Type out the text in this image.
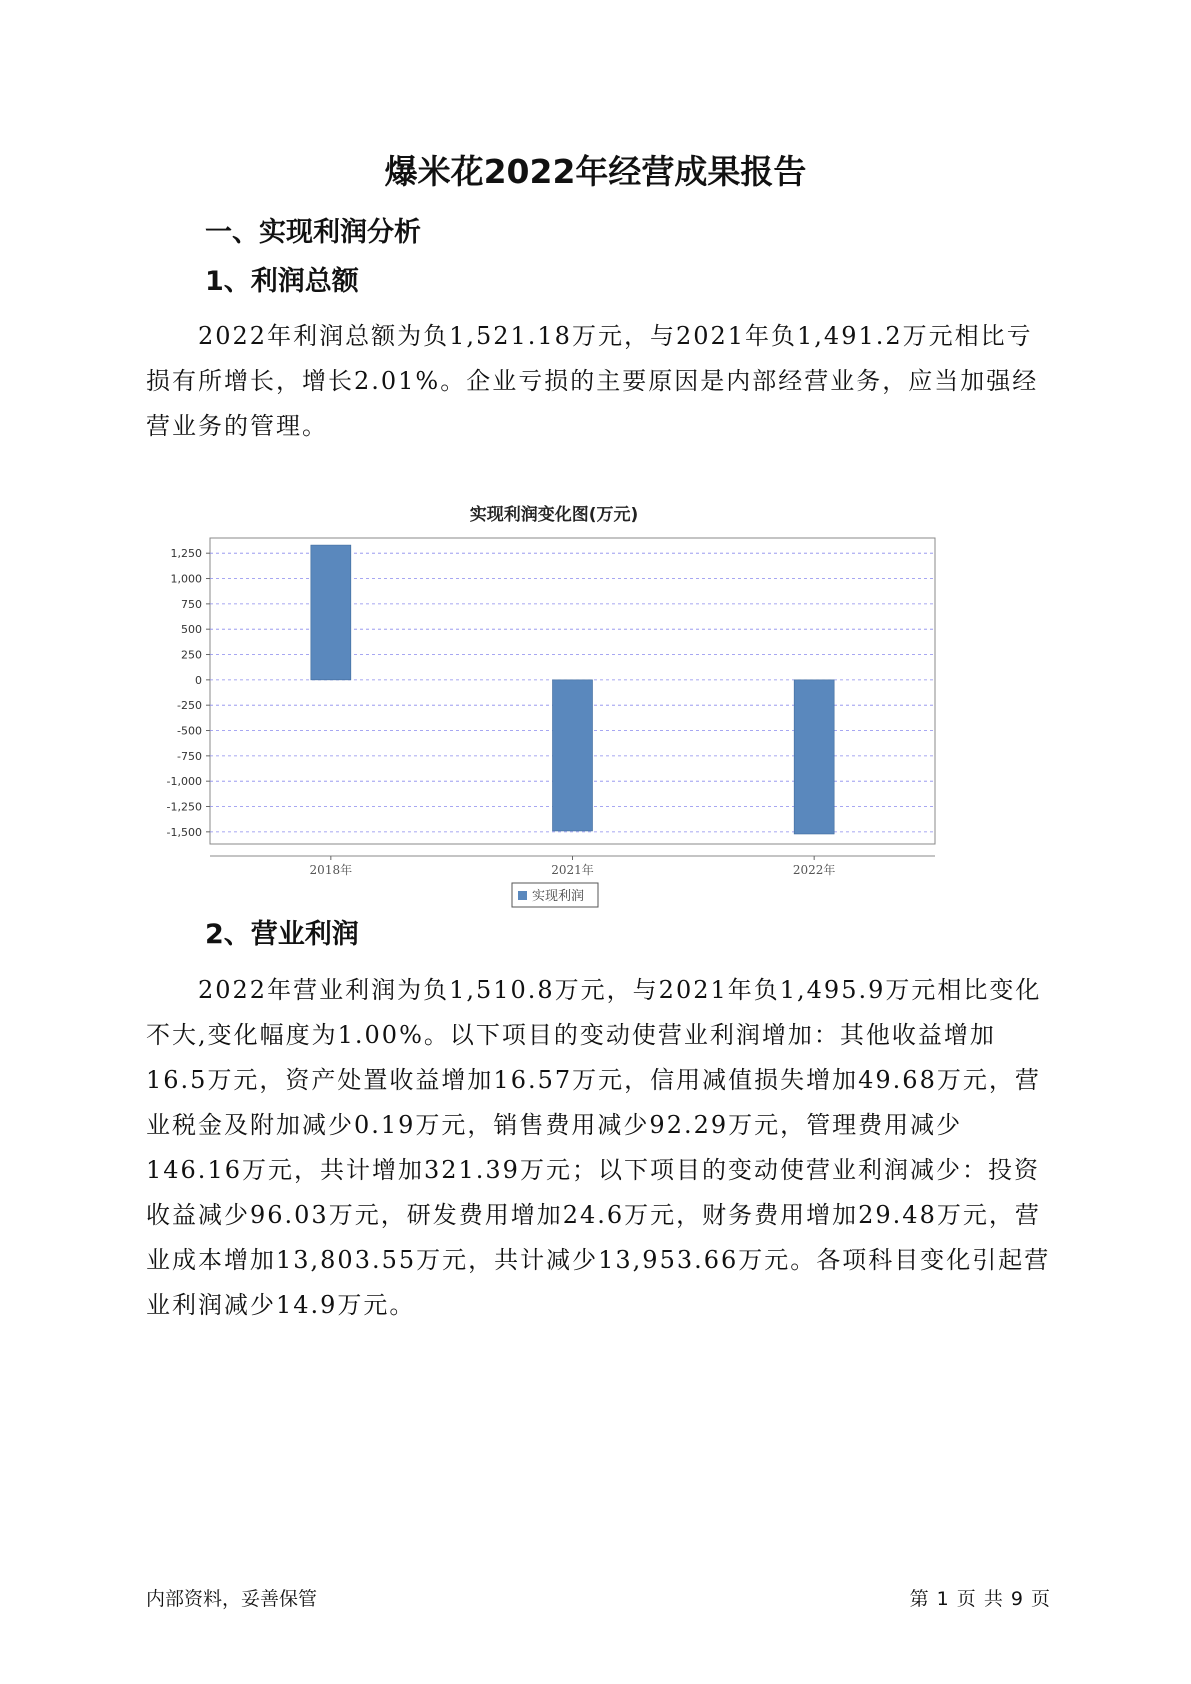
爆米花2022年经营成果报告
一、实现利润分析
1、利润总额

2022年利润总额为负1,521.18万元，与2021年负1,491.2万元相比亏损有所增长，增长2.01%。企业亏损的主要原因是内部经营业务，应当加强经营业务的管理。

实现利润变化图(万元)
1,250
1,000
750
500
250
0
-250
-500
-750
-1,000
-1,250
-1,500
2018年	2021年	2022年
实现利润
2、营业利润

2022年营业利润为负1,510.8万元，与2021年负1,495.9万元相比变化不大,变化幅度为1.00%。以下项目的变动使营业利润增加：其他收益增加16.5万元，资产处置收益增加16.57万元，信用减值损失增加49.68万元，营业税金及附加减少0.19万元，销售费用减少92.29万元，管理费用减少146.16万元，共计增加321.39万元；以下项目的变动使营业利润减少：投资收益减少96.03万元，研发费用增加24.6万元，财务费用增加29.48万元，营业成本增加13,803.55万元，共计减少13,953.66万元。各项科目变化引起营业利润减少14.9万元。

内部资料，妥善保管	第 1 页 共 9 页
